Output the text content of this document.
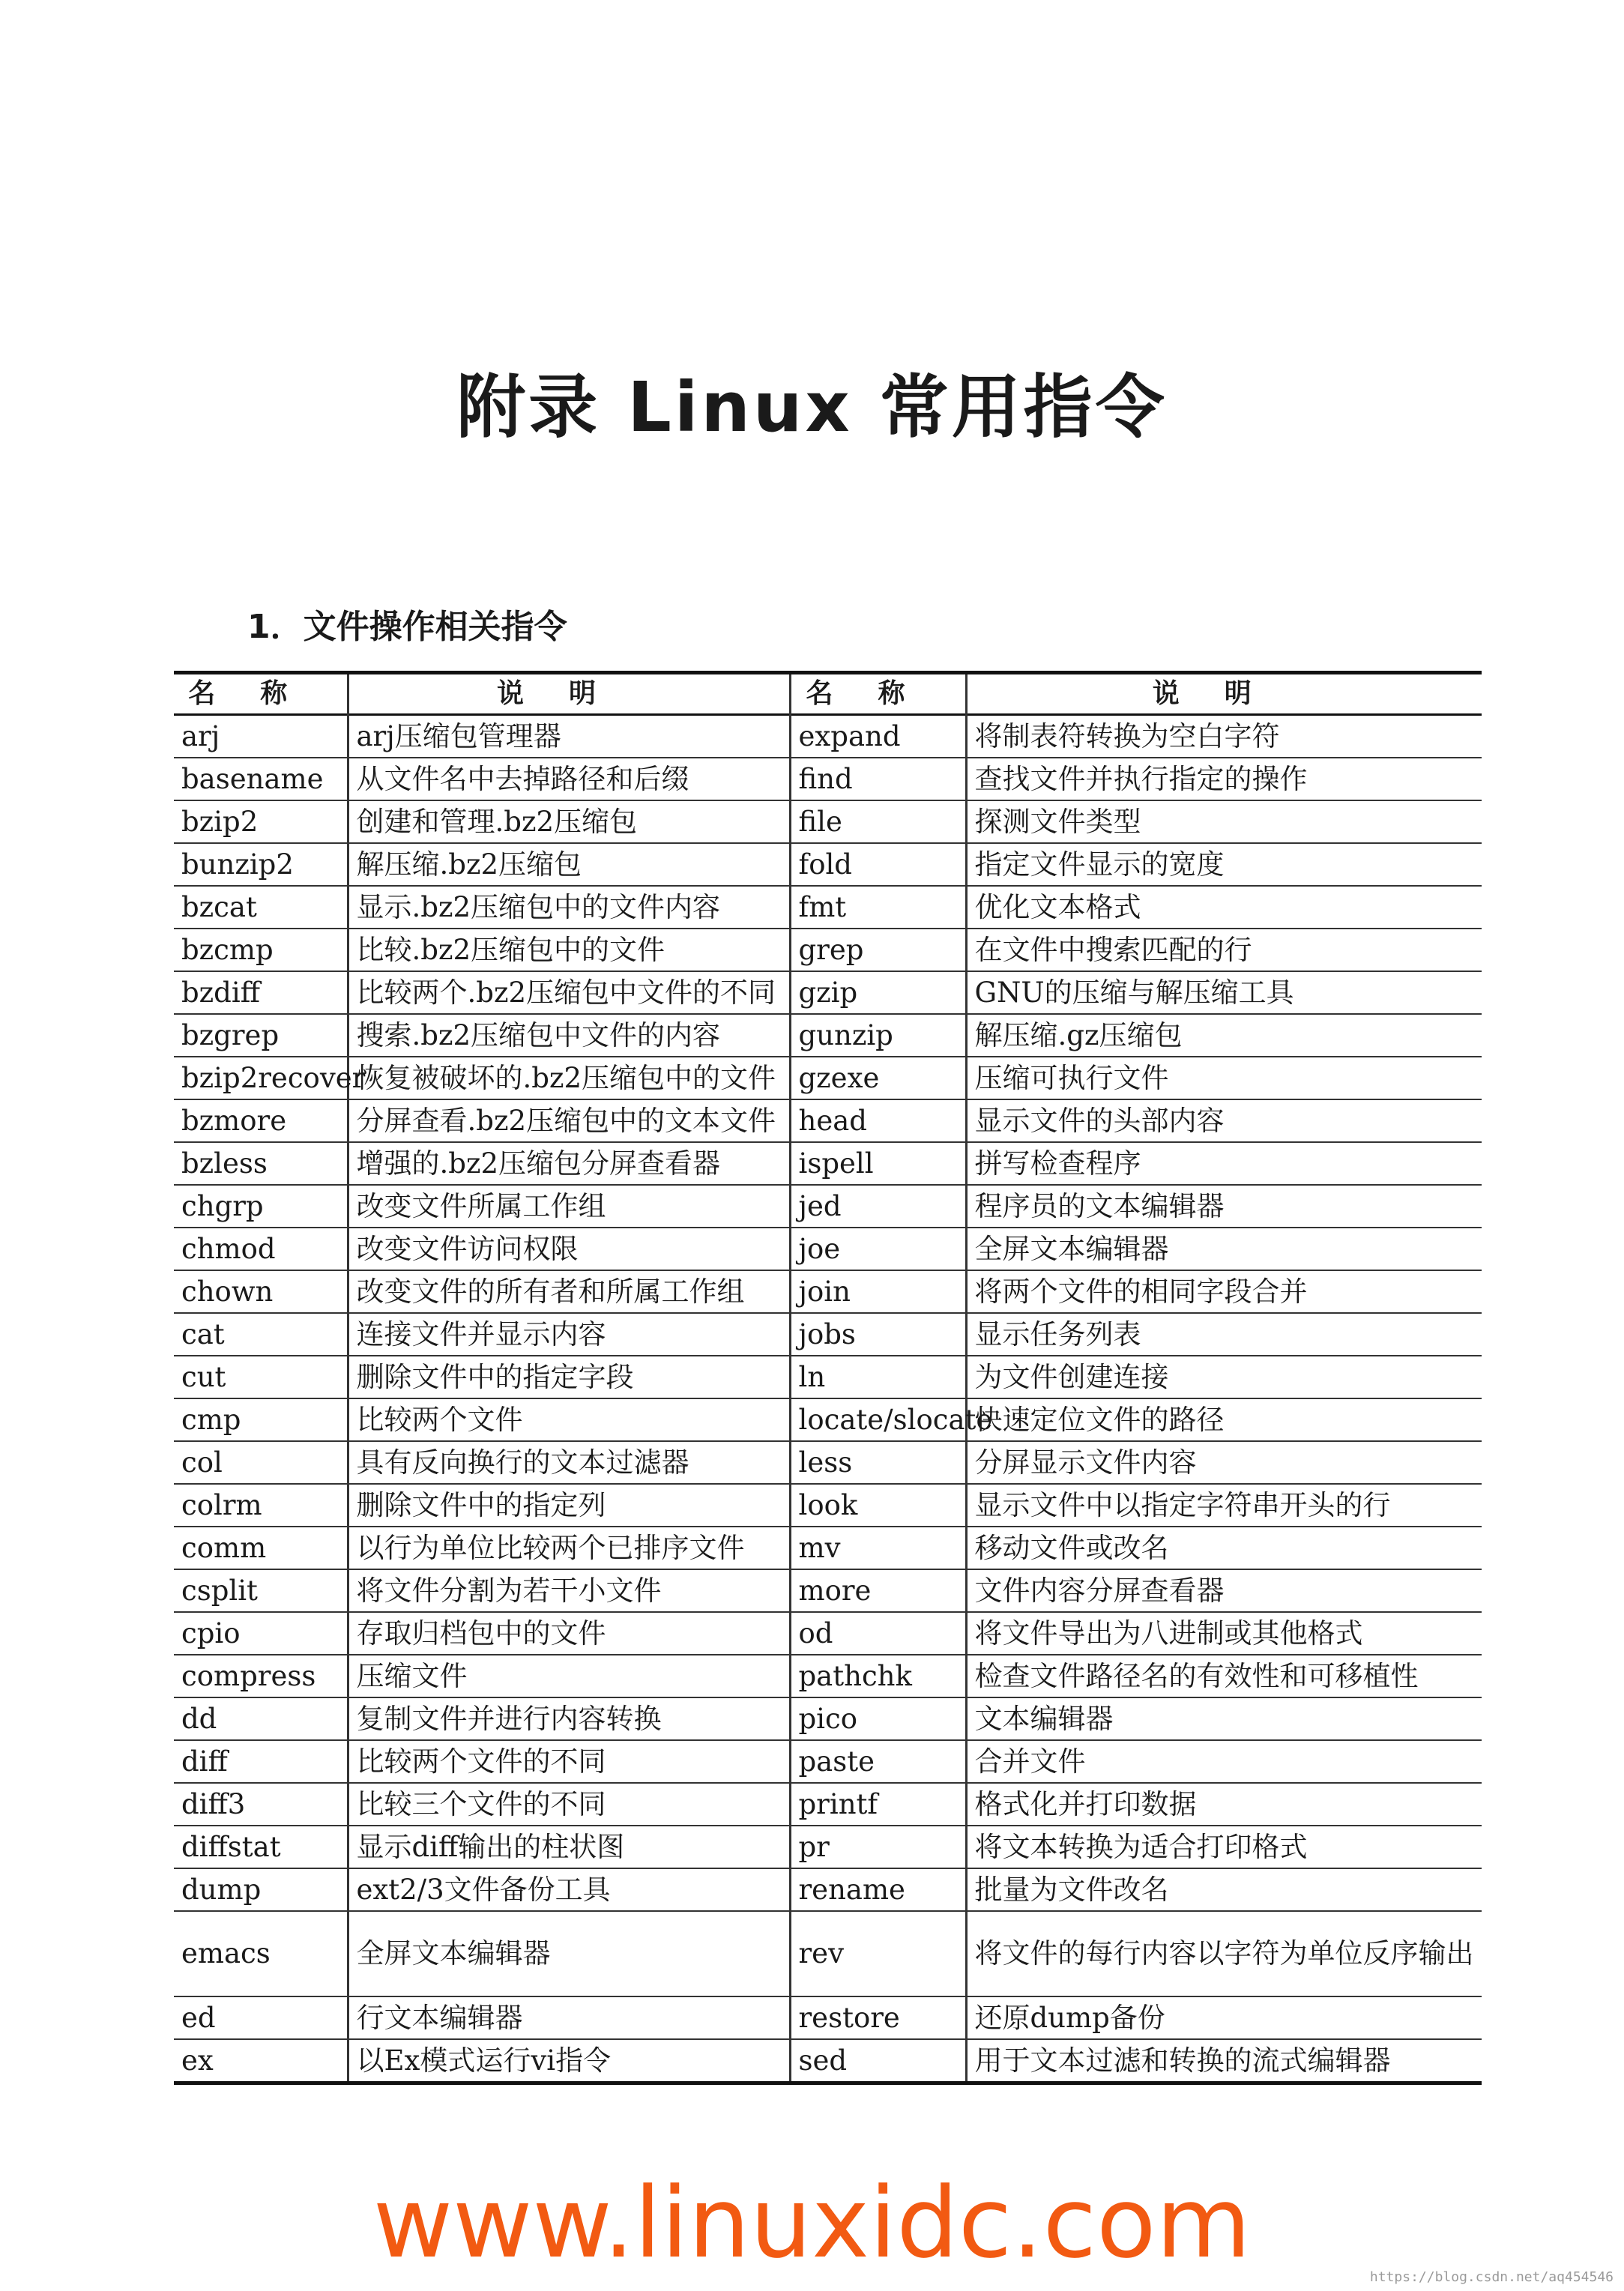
附录 Linux 常用指令
1．文件操作相关指令
名称	说明	名称	说明
arj	arj压缩包管理器	expand	将制表符转换为空白字符
basename	从文件名中去掉路径和后缀	find	查找文件并执行指定的操作
bzip2	创建和管理.bz2压缩包	file	探测文件类型
bunzip2	解压缩.bz2压缩包	fold	指定文件显示的宽度
bzcat	显示.bz2压缩包中的文件内容	fmt	优化文本格式
bzcmp	比较.bz2压缩包中的文件	grep	在文件中搜索匹配的行
bzdiff	比较两个.bz2压缩包中文件的不同	gzip	GNU的压缩与解压缩工具
bzgrep	搜索.bz2压缩包中文件的内容	gunzip	解压缩.gz压缩包
bzip2recover	恢复被破坏的.bz2压缩包中的文件	gzexe	压缩可执行文件
bzmore	分屏查看.bz2压缩包中的文本文件	head	显示文件的头部内容
bzless	增强的.bz2压缩包分屏查看器	ispell	拼写检查程序
chgrp	改变文件所属工作组	jed	程序员的文本编辑器
chmod	改变文件访问权限	joe	全屏文本编辑器
chown	改变文件的所有者和所属工作组	join	将两个文件的相同字段合并
cat	连接文件并显示内容	jobs	显示任务列表
cut	删除文件中的指定字段	ln	为文件创建连接
cmp	比较两个文件	locate/slocate	快速定位文件的路径
col	具有反向换行的文本过滤器	less	分屏显示文件内容
colrm	删除文件中的指定列	look	显示文件中以指定字符串开头的行
comm	以行为单位比较两个已排序文件	mv	移动文件或改名
csplit	将文件分割为若干小文件	more	文件内容分屏查看器
cpio	存取归档包中的文件	od	将文件导出为八进制或其他格式
compress	压缩文件	pathchk	检查文件路径名的有效性和可移植性
dd	复制文件并进行内容转换	pico	文本编辑器
diff	比较两个文件的不同	paste	合并文件
diff3	比较三个文件的不同	printf	格式化并打印数据
diffstat	显示diff输出的柱状图	pr	将文本转换为适合打印格式
dump	ext2/3文件备份工具	rename	批量为文件改名
emacs	全屏文本编辑器	rev	将文件的每行内容以字符为单位反序输出
ed	行文本编辑器	restore	还原dump备份
ex	以Ex模式运行vi指令	sed	用于文本过滤和转换的流式编辑器
www.linuxidc.com	https://blog.csdn.net/aq454546
